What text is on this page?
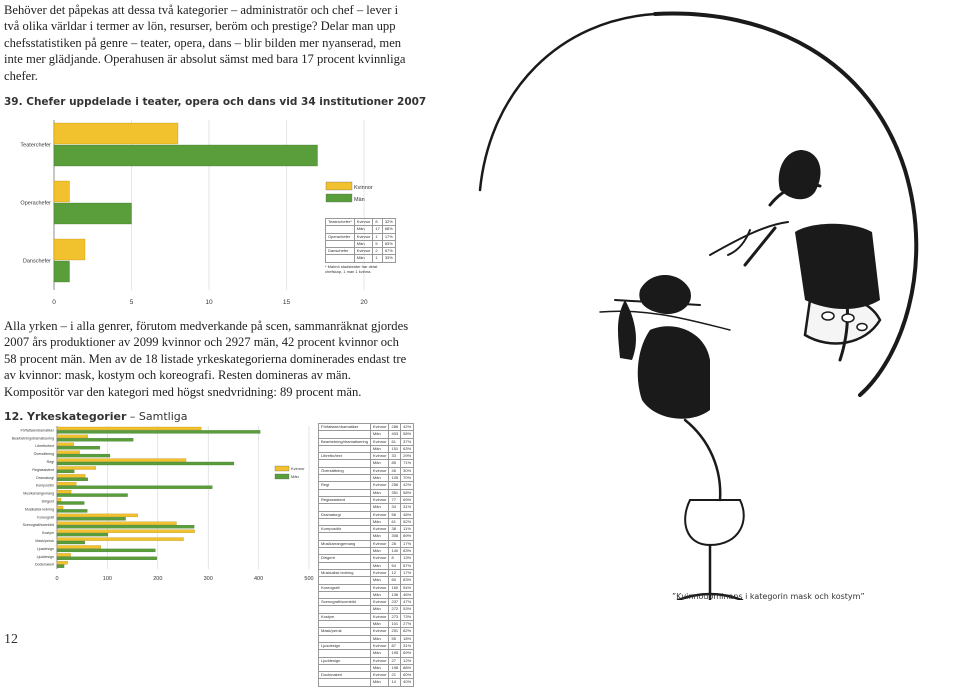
Behöver det påpekas att dessa två kategorier – administratör och chef – lever i två olika världar i termer av lön, resurser, beröm och prestige? Delar man upp chefsstatistiken på genre – teater, opera, dans – blir bilden mer nyanserad, men inte mer glädjande. Operahusen är absolut sämst med bara 17 procent kvinnliga chefer.

39. Chefer uppdelade i teater, opera och dans vid 34 institutioner 2007
Teaterchefer
Operachefer
Danschefer
0	5	10	15	20
Kvinnor
Män
Teaterchefer*	Kvinnor	8	32%
	Män	17	68%
Operachefer	Kvinnor	1	17%
	Män	5	83%
Danschefer	Kvinnor	2	67%
	Män	1	33%
* Malmö stadsteater har delat chefskap, 1 man 1 kvinna.

Alla yrken – i alla genrer, förutom medverkande på scen, sammanräknat gjordes 2007 års produktioner av 2099 kvinnor och 2927 män, 42 procent kvinnor och 58 procent män. Men av de 18 listade yrkeskategorierna dominerades endast tre av kvinnor: mask, kostym och koreografi. Resten domineras av män. Kompositör var den kategori med högst snedvridning: 89 procent män.

12. Yrkeskategorier – Samtliga
Författare/dramatiker
Bearbetning/dramatisering
Libretto/text
Översättning
Regi
Regiassistent
Dramaturgi
Kompositör
Musikarrangemang
Dirigent
Musikalisk ledning
Koreografi
Scenografi/scenbild
Kostym
Mask/peruk
Ljusdesign
Ljuddesign
Dockmakeri
0	100	200	300	400	500
Kvinnor
Män
Författare/dramatiker	Kvinnor	286	42%
	Män	403	58%
Bearbetning/dramatisering	Kvinnor	61	37%
	Män	151	63%
Libretto/text	Kvinnor	33	29%
	Män	85	71%
Översättning	Kvinnor	45	30%
	Män	105	70%
Regi	Kvinnor	256	42%
	Män	351	58%
Regiassistent	Kvinnor	77	69%
	Män	34	31%
Dramaturgi	Kvinnor	56	48%
	Män	61	52%
Kompositör	Kvinnor	38	11%
	Män	308	89%
Musikarrangemang	Kvinnor	28	17%
	Män	140	83%
Dirigent	Kvinnor	8	13%
	Män	54	87%
Musikalisk ledning	Kvinnor	12	17%
	Män	60	83%
Koreografi	Kvinnor	160	54%
	Män	136	46%
Scenografi/scenbild	Kvinnor	237	47%
	Män	272	53%
Kostym	Kvinnor	273	73%
	Män	101	27%
Mask/peruk	Kvinnor	251	82%
	Män	55	18%
Ljusdesign	Kvinnor	87	31%
	Män	195	69%
Ljuddesign	Kvinnor	27	12%
	Män	198	88%
Dockmakeri	Kvinnor	21	60%
	Män	14	40%
12
”Kvinnodominans i kategorin mask och kostym”
